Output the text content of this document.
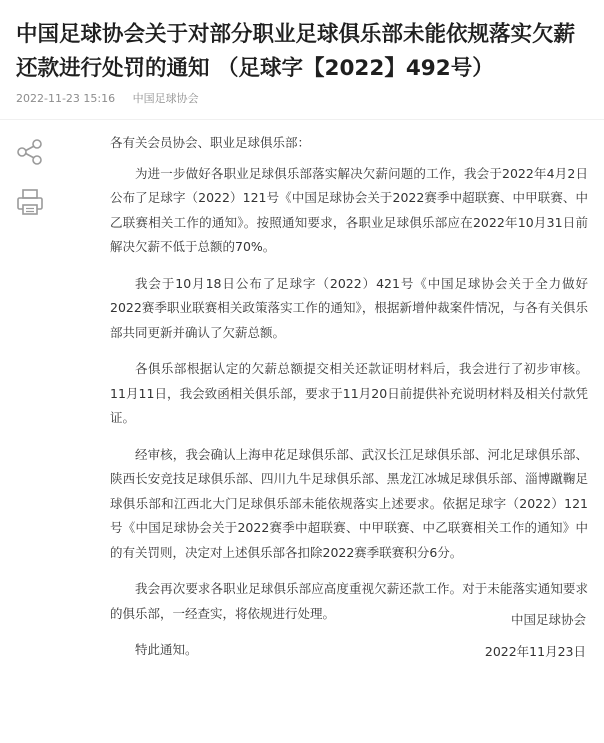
中国足球协会关于对部分职业足球俱乐部未能依规落实欠薪还款进行处罚的通知 （足球字【2022】492号）
2022-11-23 15:16 中国足球协会

各有关会员协会、职业足球俱乐部：

为进一步做好各职业足球俱乐部落实解决欠薪问题的工作，我会于2022年4月2日公布了足球字（2022）121号《中国足球协会关于2022赛季中超联赛、中甲联赛、中乙联赛相关工作的通知》。按照通知要求，各职业足球俱乐部应在2022年10月31日前解决欠薪不低于总额的70%。

我会于10月18日公布了足球字（2022）421号《中国足球协会关于全力做好2022赛季职业联赛相关政策落实工作的通知》，根据新增仲裁案件情况，与各有关俱乐部共同更新并确认了欠薪总额。

各俱乐部根据认定的欠薪总额提交相关还款证明材料后，我会进行了初步审核。11月11日，我会致函相关俱乐部，要求于11月20日前提供补充说明材料及相关付款凭证。

经审核，我会确认上海申花足球俱乐部、武汉长江足球俱乐部、河北足球俱乐部、陕西长安竞技足球俱乐部、四川九牛足球俱乐部、黑龙江冰城足球俱乐部、淄博蹴鞠足球俱乐部和江西北大门足球俱乐部未能依规落实上述要求。依据足球字（2022）121号《中国足球协会关于2022赛季中超联赛、中甲联赛、中乙联赛相关工作的通知》中的有关罚则，决定对上述俱乐部各扣除2022赛季联赛积分6分。

我会再次要求各职业足球俱乐部应高度重视欠薪还款工作。对于未能落实通知要求的俱乐部，一经查实，将依规进行处理。

特此通知。

中国足球协会
2022年11月23日
